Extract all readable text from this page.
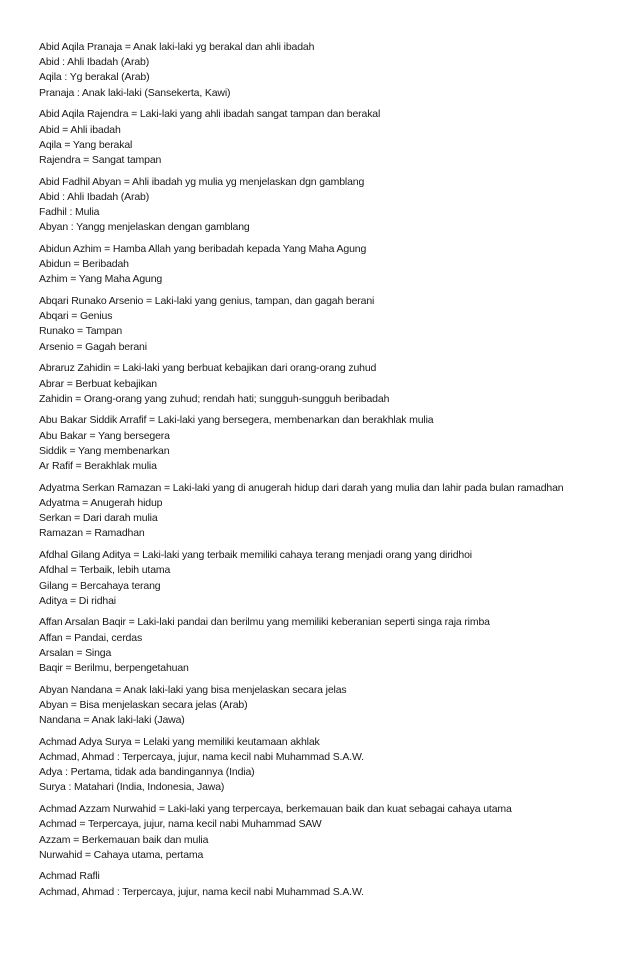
Abid Aqila Pranaja = Anak laki-laki yg berakal dan ahli ibadah
Abid : Ahli Ibadah (Arab)
Aqila : Yg berakal (Arab)
Pranaja : Anak laki-laki (Sansekerta, Kawi)
Abid Aqila Rajendra = Laki-laki yang ahli ibadah sangat tampan dan berakal
Abid = Ahli ibadah
Aqila = Yang berakal
Rajendra = Sangat tampan
Abid Fadhil Abyan = Ahli ibadah yg mulia yg menjelaskan dgn gamblang
Abid : Ahli Ibadah (Arab)
Fadhil : Mulia
Abyan : Yangg menjelaskan dengan gamblang
Abidun Azhim = Hamba Allah yang beribadah kepada Yang Maha Agung
Abidun = Beribadah
Azhim = Yang Maha Agung
Abqari Runako Arsenio = Laki-laki yang genius, tampan, dan gagah berani
Abqari = Genius
Runako = Tampan
Arsenio = Gagah berani
Abraruz Zahidin = Laki-laki yang berbuat kebajikan dari orang-orang zuhud
Abrar = Berbuat kebajikan
Zahidin = Orang-orang yang zuhud; rendah hati; sungguh-sungguh beribadah
Abu Bakar Siddik Arrafif = Laki-laki yang bersegera, membenarkan dan berakhlak mulia
Abu Bakar = Yang bersegera
Siddik = Yang membenarkan
Ar Rafif = Berakhlak mulia
Adyatma Serkan Ramazan = Laki-laki yang di anugerah hidup dari darah yang mulia dan lahir pada bulan ramadhan
Adyatma = Anugerah hidup
Serkan = Dari darah mulia
Ramazan = Ramadhan
Afdhal Gilang Aditya = Laki-laki yang terbaik memiliki cahaya terang menjadi orang yang diridhoi
Afdhal = Terbaik, lebih utama
Gilang = Bercahaya terang
Aditya = Di ridhai
Affan Arsalan Baqir = Laki-laki pandai dan berilmu yang memiliki keberanian seperti singa raja rimba
Affan = Pandai, cerdas
Arsalan = Singa
Baqir = Berilmu, berpengetahuan
Abyan Nandana = Anak laki-laki yang bisa menjelaskan secara jelas
Abyan = Bisa menjelaskan secara jelas (Arab)
Nandana = Anak laki-laki (Jawa)
Achmad Adya Surya = Lelaki yang memiliki keutamaan akhlak
Achmad, Ahmad : Terpercaya, jujur, nama kecil nabi Muhammad S.A.W.
Adya : Pertama, tidak ada bandingannya (India)
Surya : Matahari (India, Indonesia, Jawa)
Achmad Azzam Nurwahid = Laki-laki yang terpercaya, berkemauan baik dan kuat sebagai cahaya utama
Achmad = Terpercaya, jujur, nama kecil nabi Muhammad SAW
Azzam = Berkemauan baik dan mulia
Nurwahid = Cahaya utama, pertama
Achmad Rafli
Achmad, Ahmad : Terpercaya, jujur, nama kecil nabi Muhammad S.A.W.
